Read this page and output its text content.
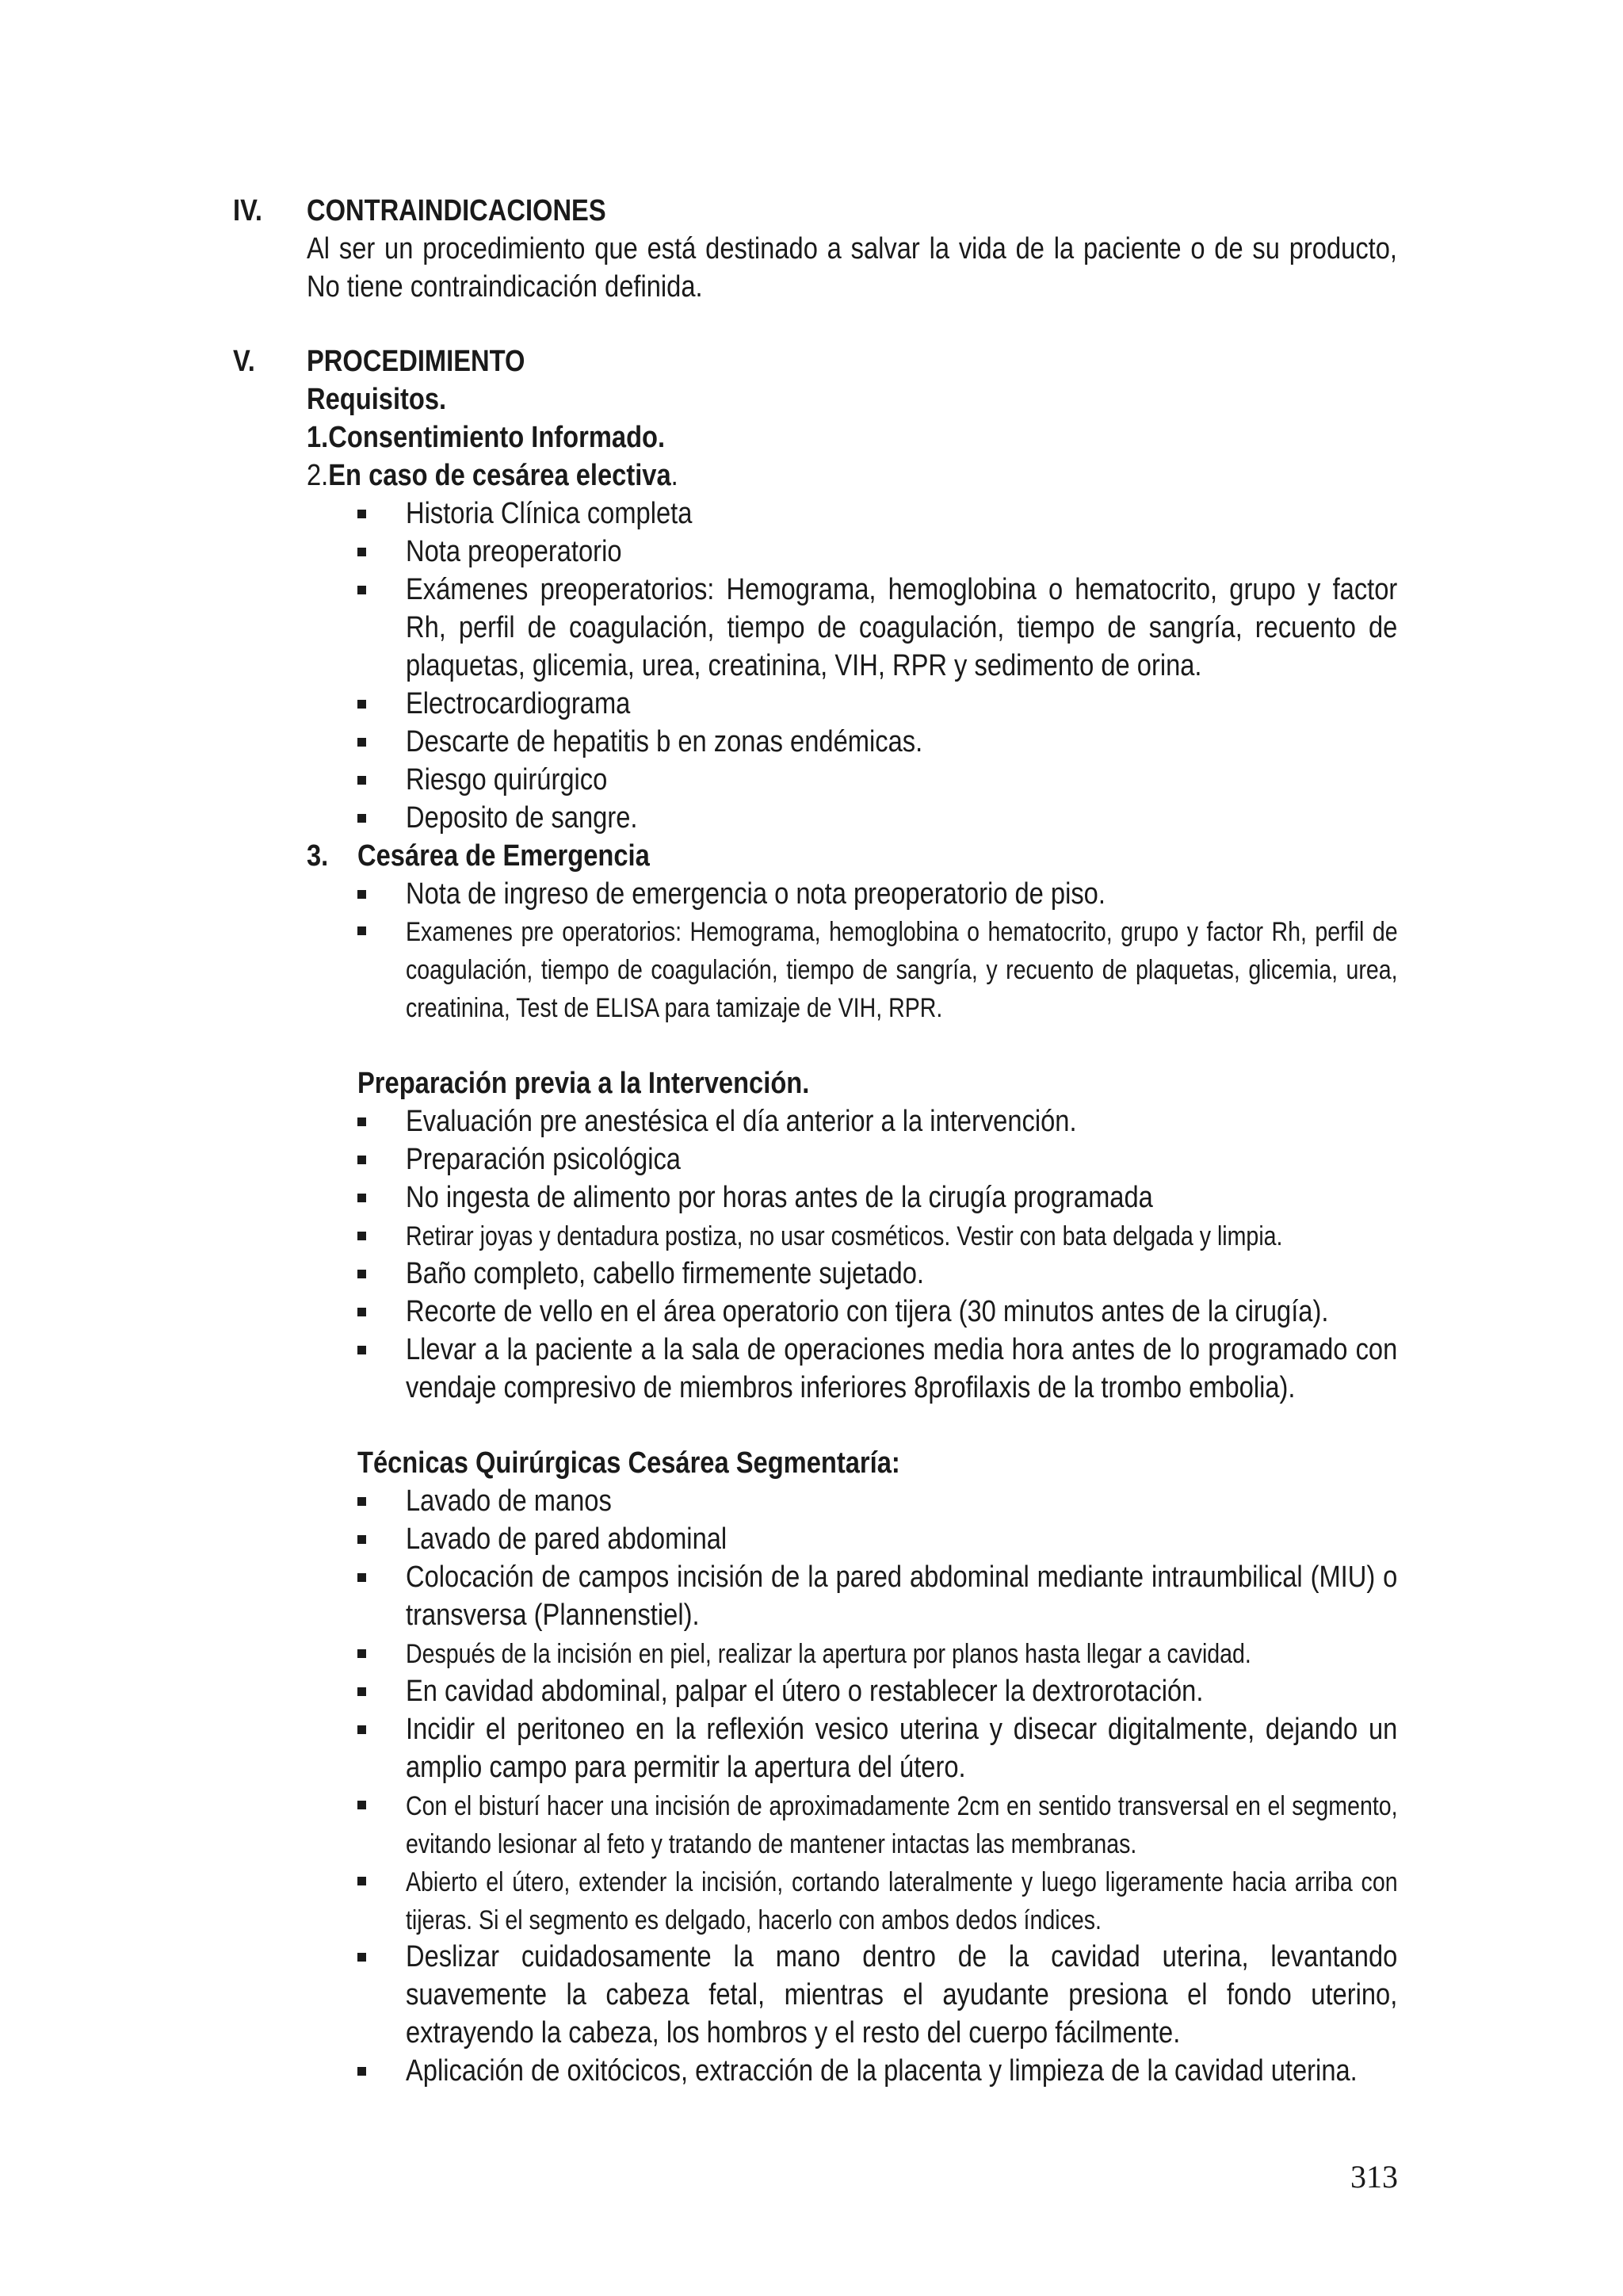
IV. CONTRAINDICACIONES
Al ser un procedimiento que está destinado a salvar la vida de la paciente o de su producto, No tiene contraindicación definida.
V. PROCEDIMIENTO
Requisitos.
1.Consentimiento Informado.
2.En caso de cesárea electiva.
Historia Clínica completa
Nota preoperatorio
Exámenes preoperatorios: Hemograma, hemoglobina o hematocrito, grupo y factor Rh, perfil de coagulación, tiempo de coagulación, tiempo de sangría, recuento de plaquetas, glicemia, urea, creatinina, VIH, RPR y sedimento de orina.
Electrocardiograma
Descarte de hepatitis b en zonas endémicas.
Riesgo quirúrgico
Deposito de sangre.
3. Cesárea de Emergencia
Nota de ingreso de emergencia o nota preoperatorio de piso.
Examenes pre operatorios: Hemograma, hemoglobina o hematocrito, grupo y factor Rh, perfil de coagulación, tiempo de coagulación, tiempo de sangría, y recuento de plaquetas, glicemia, urea, creatinina, Test de ELISA para tamizaje de VIH, RPR.
Preparación previa a la Intervención.
Evaluación pre anestésica el día anterior a la intervención.
Preparación psicológica
No ingesta de alimento por horas antes de la cirugía programada
Retirar joyas y dentadura postiza, no usar cosméticos. Vestir con bata delgada y limpia.
Baño completo, cabello firmemente sujetado.
Recorte de vello en el área operatorio con tijera (30 minutos antes de la cirugía).
Llevar a la paciente a la sala de operaciones media hora antes de lo programado con vendaje compresivo de miembros inferiores 8profilaxis de la trombo embolia).
Técnicas Quirúrgicas Cesárea Segmentaría:
Lavado de manos
Lavado de pared abdominal
Colocación de campos incisión de la pared abdominal mediante intraumbilical (MIU) o transversa (Plannenstiel).
Después de la incisión en piel, realizar la apertura por planos hasta llegar a cavidad.
En cavidad abdominal, palpar el útero o restablecer la dextrorotación.
Incidir el peritoneo en la reflexión vesico uterina y disecar digitalmente, dejando un amplio campo para permitir la apertura del útero.
Con el bisturí hacer una incisión de aproximadamente 2cm en sentido transversal en el segmento, evitando lesionar al feto y tratando de mantener intactas las membranas.
Abierto el útero, extender la incisión, cortando lateralmente y luego ligeramente hacia arriba con tijeras. Si el segmento es delgado, hacerlo con ambos dedos índices.
Deslizar cuidadosamente la mano dentro de la cavidad uterina, levantando suavemente la cabeza fetal, mientras el ayudante presiona el fondo uterino, extrayendo la cabeza, los hombros y el resto del cuerpo fácilmente.
Aplicación de oxitócicos, extracción de la placenta y limpieza de la cavidad uterina.
313
